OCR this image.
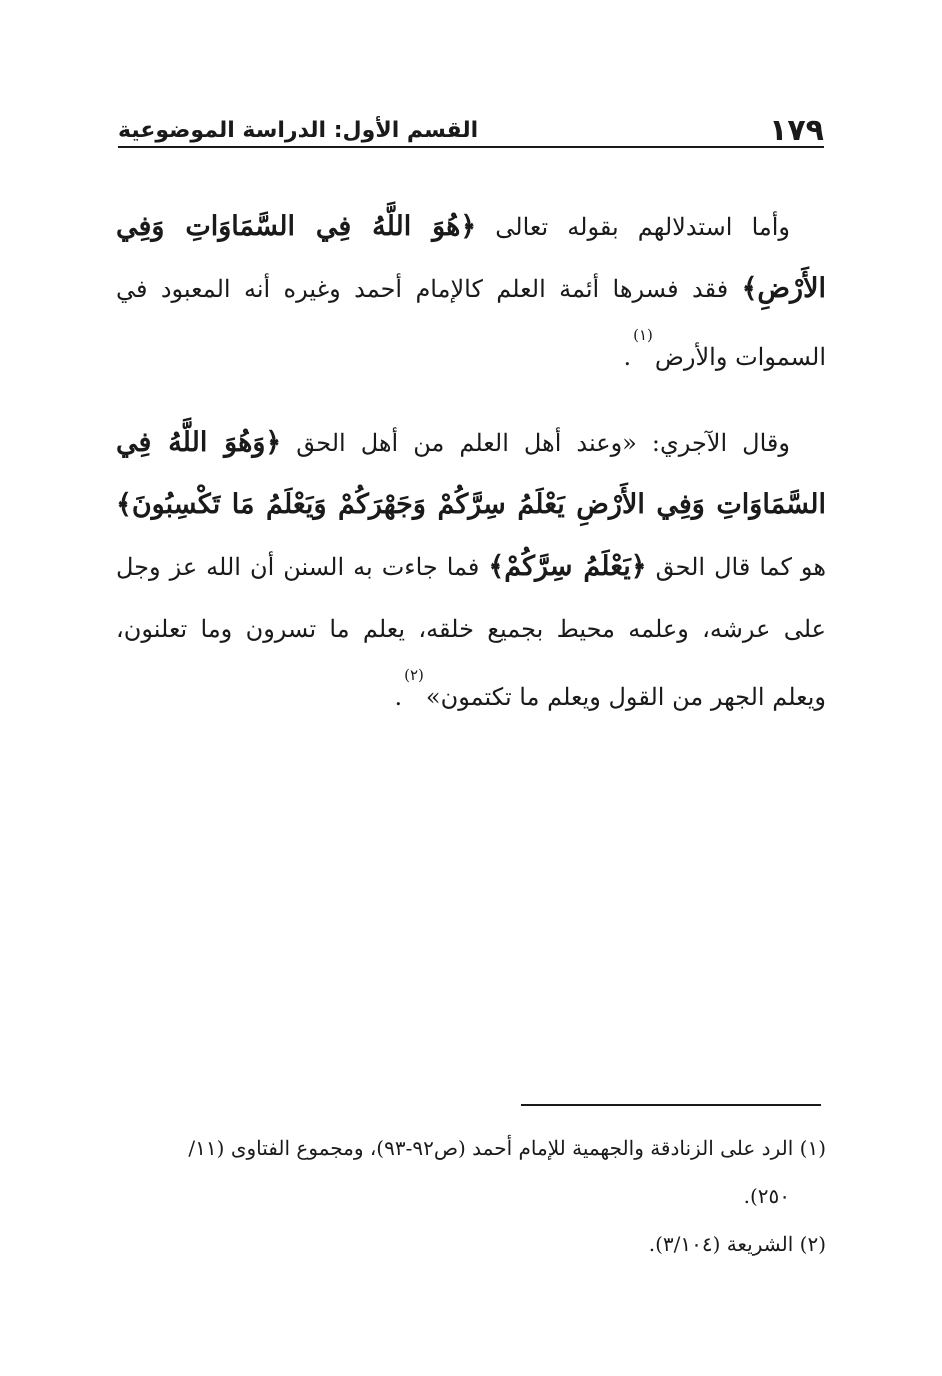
١٧٩
القسم الأول: الدراسة الموضوعية

وأما استدلالهم بقوله تعالى ﴿هُوَ اللَّهُ فِي السَّمَاوَاتِ وَفِي الأَرْضِ﴾ فقد فسرها أئمة العلم كالإمام أحمد وغيره أنه المعبود في السموات والأرض$^{(١)}$.

وقال الآجري: «وعند أهل العلم من أهل الحق ﴿وَهُوَ اللَّهُ فِي السَّمَاوَاتِ وَفِي الأَرْضِ يَعْلَمُ سِرَّكُمْ وَجَهْرَكُمْ وَيَعْلَمُ مَا تَكْسِبُونَ﴾ هو كما قال الحق ﴿يَعْلَمُ سِرَّكُمْ﴾ فما جاءت به السنن أن الله عز وجل على عرشه، وعلمه محيط بجميع خلقه، يعلم ما تسرون وما تعلنون، ويعلم الجهر من القول ويعلم ما تكتمون»$^{(٢)}$.

(١) الرد على الزنادقة والجهمية للإمام أحمد (ص٩٢-٩٣)، ومجموع الفتاوى (١١/

٢٥٠).

(٢) الشريعة (٣/١٠٤).
